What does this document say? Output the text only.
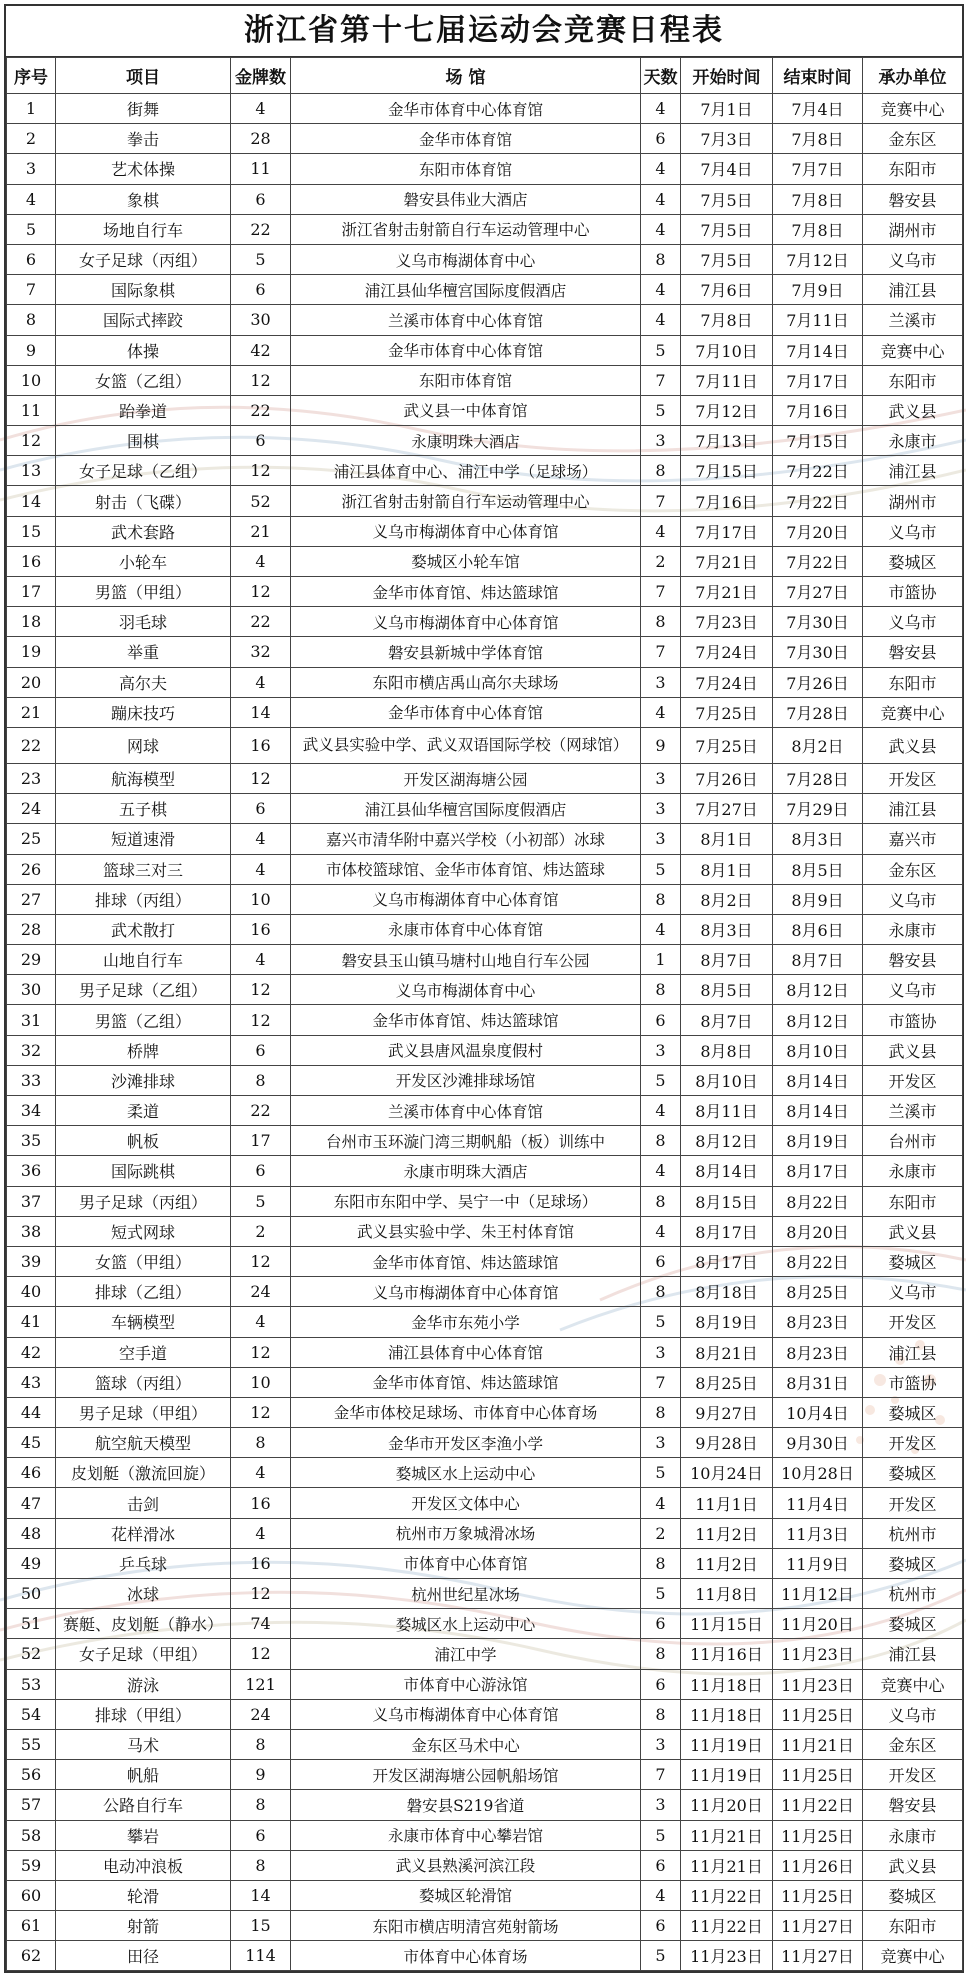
浙江省第十七届运动会竞赛日程表
序号	项目	金牌数	场 馆	天数	开始时间	结束时间	承办单位
1	街舞	4	金华市体育中心体育馆	4	7月1日	7月4日	竞赛中心
2	拳击	28	金华市体育馆	6	7月3日	7月8日	金东区
3	艺术体操	11	东阳市体育馆	4	7月4日	7月7日	东阳市
4	象棋	6	磐安县伟业大酒店	4	7月5日	7月8日	磐安县
5	场地自行车	22	浙江省射击射箭自行车运动管理中心	4	7月5日	7月8日	湖州市
6	女子足球（丙组）	5	义乌市梅湖体育中心	8	7月5日	7月12日	义乌市
7	国际象棋	6	浦江县仙华檀宫国际度假酒店	4	7月6日	7月9日	浦江县
8	国际式摔跤	30	兰溪市体育中心体育馆	4	7月8日	7月11日	兰溪市
9	体操	42	金华市体育中心体育馆	5	7月10日	7月14日	竞赛中心
10	女篮（乙组）	12	东阳市体育馆	7	7月11日	7月17日	东阳市
11	跆拳道	22	武义县一中体育馆	5	7月12日	7月16日	武义县
12	围棋	6	永康明珠大酒店	3	7月13日	7月15日	永康市
13	女子足球（乙组）	12	浦江县体育中心、浦江中学（足球场）	8	7月15日	7月22日	浦江县
14	射击（飞碟）	52	浙江省射击射箭自行车运动管理中心	7	7月16日	7月22日	湖州市
15	武术套路	21	义乌市梅湖体育中心体育馆	4	7月17日	7月20日	义乌市
16	小轮车	4	婺城区小轮车馆	2	7月21日	7月22日	婺城区
17	男篮（甲组）	12	金华市体育馆、炜达篮球馆	7	7月21日	7月27日	市篮协
18	羽毛球	22	义乌市梅湖体育中心体育馆	8	7月23日	7月30日	义乌市
19	举重	32	磐安县新城中学体育馆	7	7月24日	7月30日	磐安县
20	高尔夫	4	东阳市横店禹山高尔夫球场	3	7月24日	7月26日	东阳市
21	蹦床技巧	14	金华市体育中心体育馆	4	7月25日	7月28日	竞赛中心
22	网球	16	武义县实验中学、武义双语国际学校（网球馆）	9	7月25日	8月2日	武义县
23	航海模型	12	开发区湖海塘公园	3	7月26日	7月28日	开发区
24	五子棋	6	浦江县仙华檀宫国际度假酒店	3	7月27日	7月29日	浦江县
25	短道速滑	4	嘉兴市清华附中嘉兴学校（小初部）冰球	3	8月1日	8月3日	嘉兴市
26	篮球三对三	4	市体校篮球馆、金华市体育馆、炜达篮球	5	8月1日	8月5日	金东区
27	排球（丙组）	10	义乌市梅湖体育中心体育馆	8	8月2日	8月9日	义乌市
28	武术散打	16	永康市体育中心体育馆	4	8月3日	8月6日	永康市
29	山地自行车	4	磐安县玉山镇马塘村山地自行车公园	1	8月7日	8月7日	磐安县
30	男子足球（乙组）	12	义乌市梅湖体育中心	8	8月5日	8月12日	义乌市
31	男篮（乙组）	12	金华市体育馆、炜达篮球馆	6	8月7日	8月12日	市篮协
32	桥牌	6	武义县唐风温泉度假村	3	8月8日	8月10日	武义县
33	沙滩排球	8	开发区沙滩排球场馆	5	8月10日	8月14日	开发区
34	柔道	22	兰溪市体育中心体育馆	4	8月11日	8月14日	兰溪市
35	帆板	17	台州市玉环漩门湾三期帆船（板）训练中	8	8月12日	8月19日	台州市
36	国际跳棋	6	永康市明珠大酒店	4	8月14日	8月17日	永康市
37	男子足球（丙组）	5	东阳市东阳中学、吴宁一中（足球场）	8	8月15日	8月22日	东阳市
38	短式网球	2	武义县实验中学、朱王村体育馆	4	8月17日	8月20日	武义县
39	女篮（甲组）	12	金华市体育馆、炜达篮球馆	6	8月17日	8月22日	婺城区
40	排球（乙组）	24	义乌市梅湖体育中心体育馆	8	8月18日	8月25日	义乌市
41	车辆模型	4	金华市东苑小学	5	8月19日	8月23日	开发区
42	空手道	12	浦江县体育中心体育馆	3	8月21日	8月23日	浦江县
43	篮球（丙组）	10	金华市体育馆、炜达篮球馆	7	8月25日	8月31日	市篮协
44	男子足球（甲组）	12	金华市体校足球场、市体育中心体育场	8	9月27日	10月4日	婺城区
45	航空航天模型	8	金华市开发区李渔小学	3	9月28日	9月30日	开发区
46	皮划艇（激流回旋）	4	婺城区水上运动中心	5	10月24日	10月28日	婺城区
47	击剑	16	开发区文体中心	4	11月1日	11月4日	开发区
48	花样滑冰	4	杭州市万象城滑冰场	2	11月2日	11月3日	杭州市
49	乒乓球	16	市体育中心体育馆	8	11月2日	11月9日	婺城区
50	冰球	12	杭州世纪星冰场	5	11月8日	11月12日	杭州市
51	赛艇、皮划艇（静水）	74	婺城区水上运动中心	6	11月15日	11月20日	婺城区
52	女子足球（甲组）	12	浦江中学	8	11月16日	11月23日	浦江县
53	游泳	121	市体育中心游泳馆	6	11月18日	11月23日	竞赛中心
54	排球（甲组）	24	义乌市梅湖体育中心体育馆	8	11月18日	11月25日	义乌市
55	马术	8	金东区马术中心	3	11月19日	11月21日	金东区
56	帆船	9	开发区湖海塘公园帆船场馆	7	11月19日	11月25日	开发区
57	公路自行车	8	磐安县S219省道	3	11月20日	11月22日	磐安县
58	攀岩	6	永康市体育中心攀岩馆	5	11月21日	11月25日	永康市
59	电动冲浪板	8	武义县熟溪河滨江段	6	11月21日	11月26日	武义县
60	轮滑	14	婺城区轮滑馆	4	11月22日	11月25日	婺城区
61	射箭	15	东阳市横店明清宫苑射箭场	6	11月22日	11月27日	东阳市
62	田径	114	市体育中心体育场	5	11月23日	11月27日	竞赛中心
